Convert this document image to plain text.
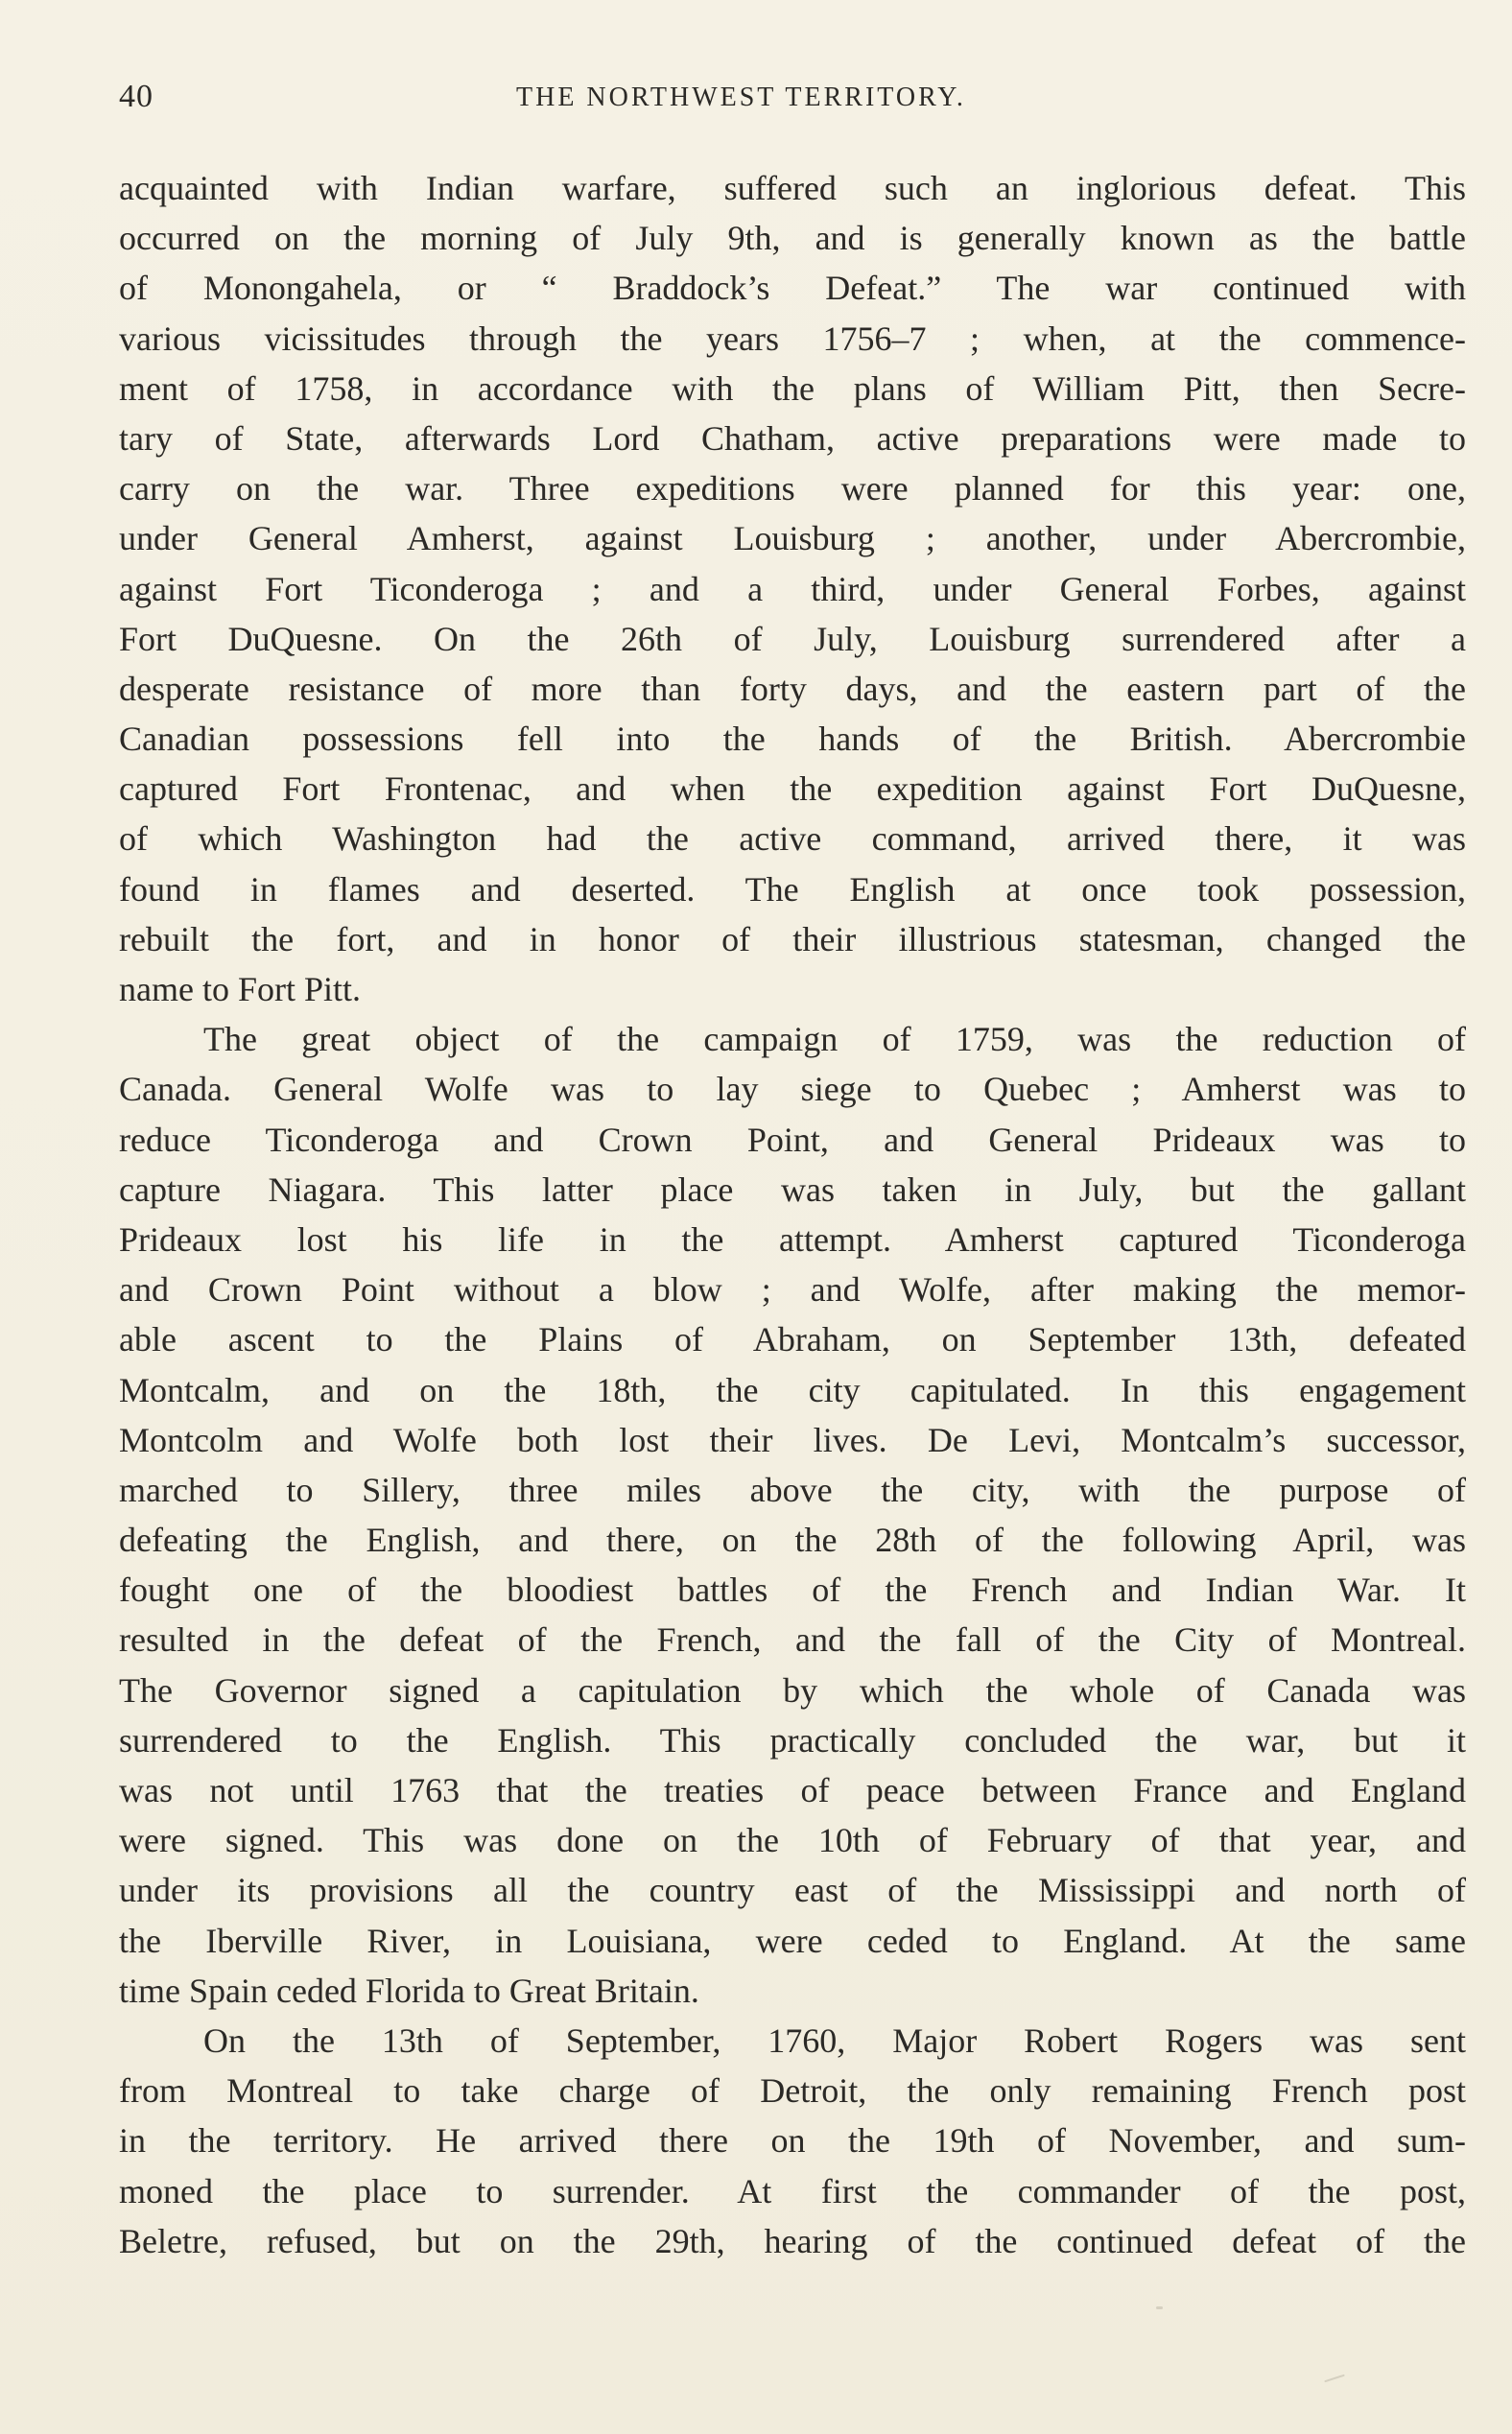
40	THE NORTHWEST TERRITORY.
acquainted with Indian warfare, suffered such an inglorious defeat. This
occurred on the morning of July 9th, and is generally known as the battle
of Monongahela, or “ Braddock’s Defeat.” The war continued with
various vicissitudes through the years 1756–7 ; when, at the commence-
ment of 1758, in accordance with the plans of William Pitt, then Secre-
tary of State, afterwards Lord Chatham, active preparations were made to
carry on the war. Three expeditions were planned for this year: one,
under General Amherst, against Louisburg ; another, under Abercrombie,
against Fort Ticonderoga ; and a third, under General Forbes, against
Fort DuQuesne. On the 26th of July, Louisburg surrendered after a
desperate resistance of more than forty days, and the eastern part of the
Canadian possessions fell into the hands of the British. Abercrombie
captured Fort Frontenac, and when the expedition against Fort DuQuesne,
of which Washington had the active command, arrived there, it was
found in flames and deserted. The English at once took possession,
rebuilt the fort, and in honor of their illustrious statesman, changed the
name to Fort Pitt.
The great object of the campaign of 1759, was the reduction of
Canada. General Wolfe was to lay siege to Quebec ; Amherst was to
reduce Ticonderoga and Crown Point, and General Prideaux was to
capture Niagara. This latter place was taken in July, but the gallant
Prideaux lost his life in the attempt. Amherst captured Ticonderoga
and Crown Point without a blow ; and Wolfe, after making the memor-
able ascent to the Plains of Abraham, on September 13th, defeated
Montcalm, and on the 18th, the city capitulated. In this engagement
Montcolm and Wolfe both lost their lives. De Levi, Montcalm’s successor,
marched to Sillery, three miles above the city, with the purpose of
defeating the English, and there, on the 28th of the following April, was
fought one of the bloodiest battles of the French and Indian War. It
resulted in the defeat of the French, and the fall of the City of Montreal.
The Governor signed a capitulation by which the whole of Canada was
surrendered to the English. This practically concluded the war, but it
was not until 1763 that the treaties of peace between France and England
were signed. This was done on the 10th of February of that year, and
under its provisions all the country east of the Mississippi and north of
the Iberville River, in Louisiana, were ceded to England. At the same
time Spain ceded Florida to Great Britain.
On the 13th of September, 1760, Major Robert Rogers was sent
from Montreal to take charge of Detroit, the only remaining French post
in the territory. He arrived there on the 19th of November, and sum-
moned the place to surrender. At first the commander of the post,
Beletre, refused, but on the 29th, hearing of the continued defeat of the
